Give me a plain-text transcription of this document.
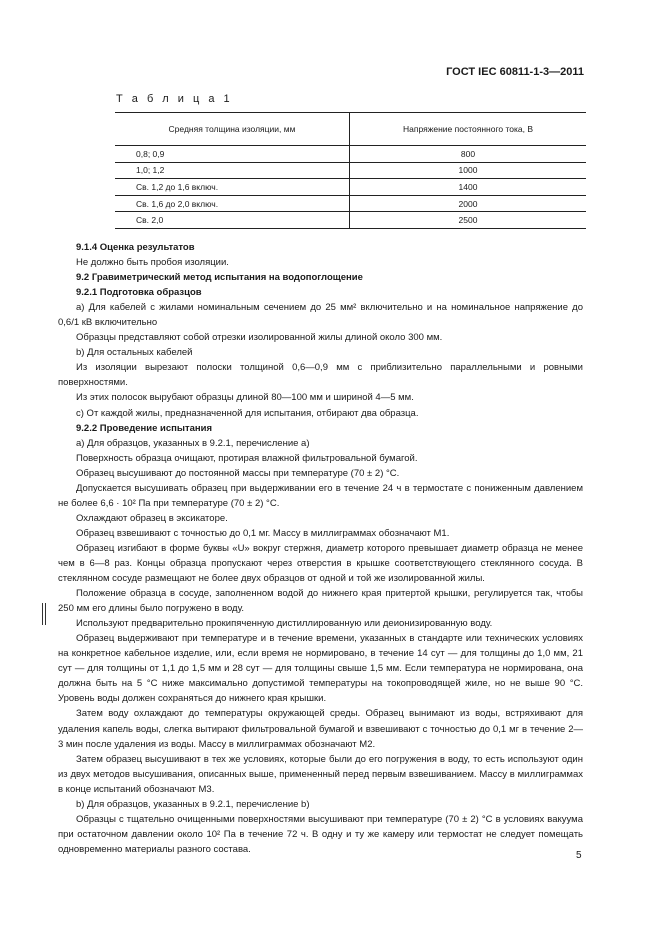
ГОСТ IEC 60811-1-3—2011
Т а б л и ц а 1
Средняя толщина изоляции, мм	Напряжение постоянного тока, В
0,8; 0,9	800
1,0; 1,2	1000
Св. 1,2 до 1,6 включ.	1400
Св. 1,6 до 2,0 включ.	2000
Св. 2,0	2500

9.1.4 Оценка результатов

Не должно быть пробоя изоляции.

9.2 Гравиметрический метод испытания на водопоглощение

9.2.1 Подготовка образцов

а) Для кабелей с жилами номинальным сечением до 25 мм² включительно и на номинальное напряжение до 0,6/1 кВ включительно

Образцы представляют собой отрезки изолированной жилы длиной около 300 мм.

b) Для остальных кабелей

Из изоляции вырезают полоски толщиной 0,6—0,9 мм с приблизительно параллельными и ровными поверхностями.

Из этих полосок вырубают образцы длиной 80—100 мм и шириной 4—5 мм.

с) От каждой жилы, предназначенной для испытания, отбирают два образца.

9.2.2 Проведение испытания

а) Для образцов, указанных в 9.2.1, перечисление а)

Поверхность образца очищают, протирая влажной фильтровальной бумагой.

Образец высушивают до постоянной массы при температуре (70 ± 2) °С.

Допускается высушивать образец при выдерживании его в течение 24 ч в термостате с пониженным давлением не более 6,6 · 10² Па при температуре (70 ± 2) °С.

Охлаждают образец в эксикаторе.

Образец взвешивают с точностью до 0,1 мг. Массу в миллиграммах обозначают М1.

Образец изгибают в форме буквы «U» вокруг стержня, диаметр которого превышает диаметр образца не менее чем в 6—8 раз. Концы образца пропускают через отверстия в крышке соответствующего стеклянного сосуда. В стеклянном сосуде размещают не более двух образцов от одной и той же изолированной жилы.

Положение образца в сосуде, заполненном водой до нижнего края притертой крышки, регулируется так, чтобы 250 мм его длины было погружено в воду.

Используют предварительно прокипяченную дистиллированную или деионизированную воду.

Образец выдерживают при температуре и в течение времени, указанных в стандарте или технических условиях на конкретное кабельное изделие, или, если время не нормировано, в течение 14 сут — для толщины до 1,0 мм, 21 сут — для толщины от 1,1 до 1,5 мм и 28 сут — для толщины свыше 1,5 мм. Если температура не нормирована, она должна быть на 5 °С ниже максимально допустимой температуры на токопроводящей жиле, но не выше 90 °С. Уровень воды должен сохраняться до нижнего края крышки.

Затем воду охлаждают до температуры окружающей среды. Образец вынимают из воды, встряхивают для удаления капель воды, слегка вытирают фильтровальной бумагой и взвешивают с точностью до 0,1 мг в течение 2—3 мин после удаления из воды. Массу в миллиграммах обозначают М2.

Затем образец высушивают в тех же условиях, которые были до его погружения в воду, то есть используют один из двух методов высушивания, описанных выше, примененный перед первым взвешиванием. Массу в миллиграммах в конце испытаний обозначают М3.

b) Для образцов, указанных в 9.2.1, перечисление b)

Образцы с тщательно очищенными поверхностями высушивают при температуре (70 ± 2) °С в условиях вакуума при остаточном давлении около 10² Па в течение 72 ч. В одну и ту же камеру или термостат не следует помещать одновременно материалы разного состава.

5
